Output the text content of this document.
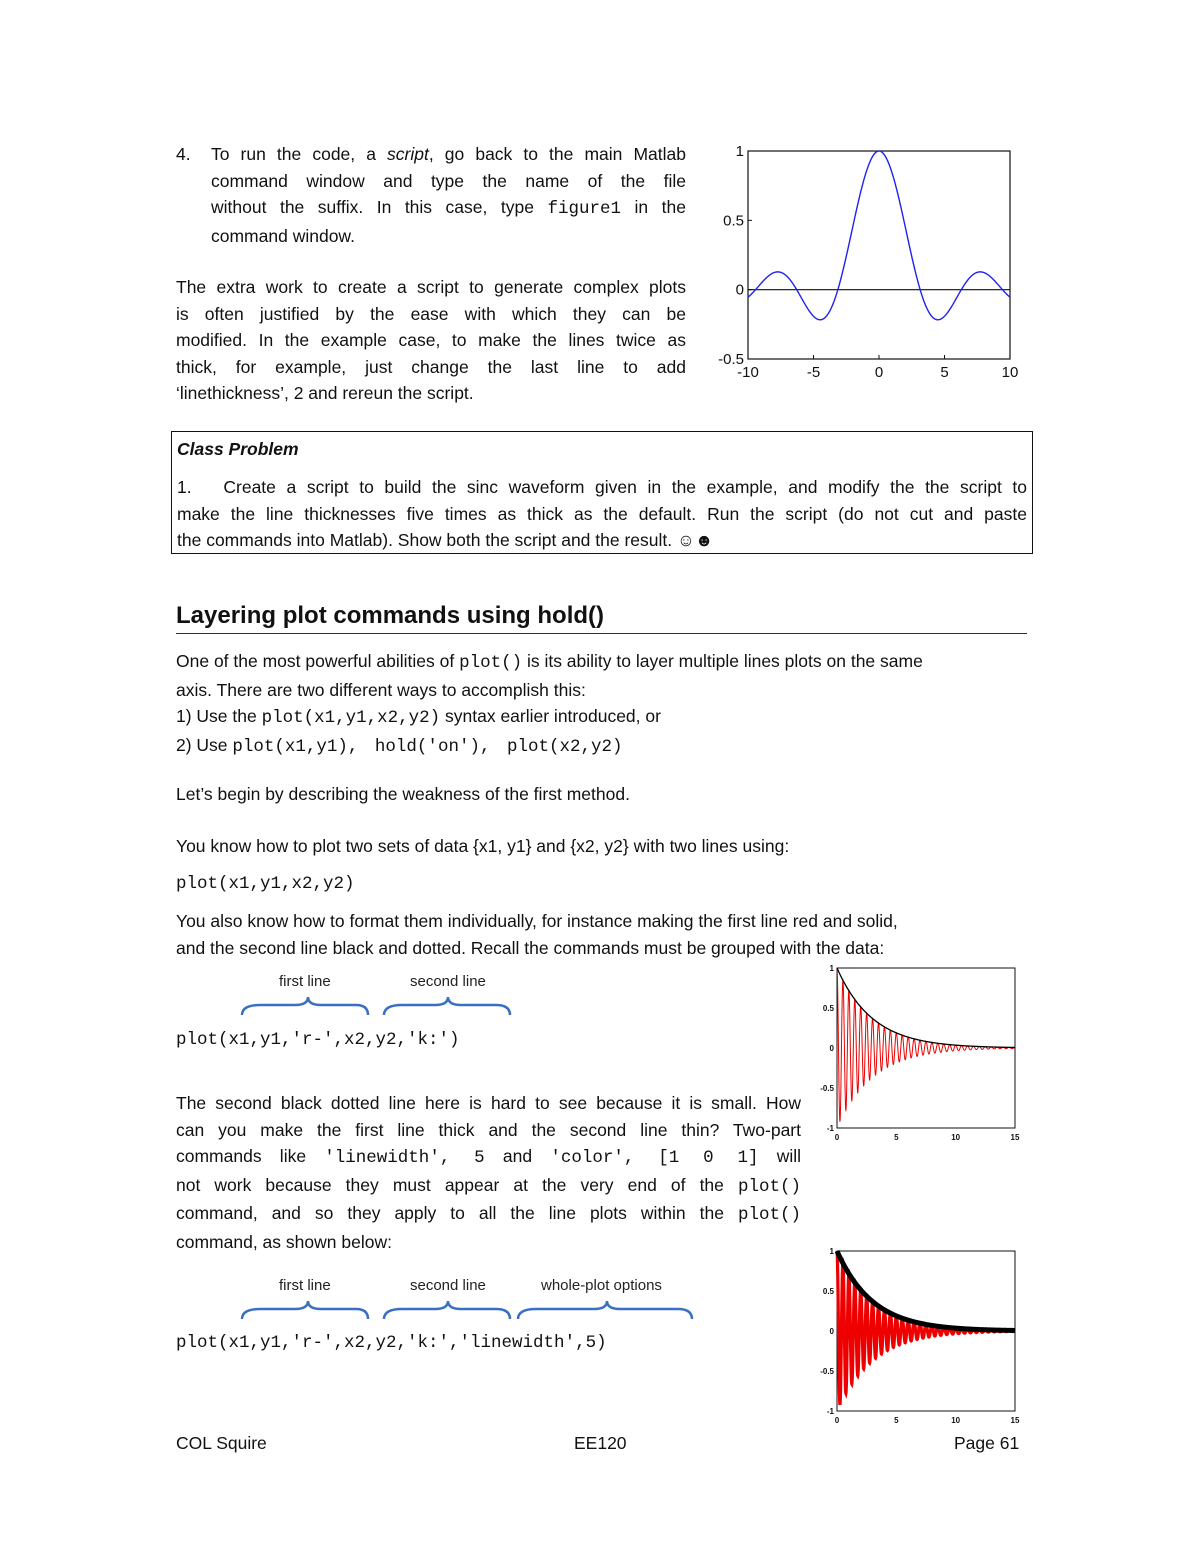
4. To run the code, a script, go back to the main Matlab
command window and type the name of the file
without the suffix. In this case, type figure1 in the
command window.
The extra work to create a script to generate complex plots
is often justified by the ease with which they can be
modified. In the example case, to make the lines twice as
thick, for example, just change the last line to add
‘linethickness’, 2 and rereun the script.
-10	-5	0	5	10
-0.5
0
0.5
1
Class Problem
1.   Create a script to build the sinc waveform given in the example, and modify the the script to
make the line thicknesses five times as thick as the default. Run the script (do not cut and paste
the commands into Matlab). Show both the script and the result. ☺☻
Layering plot commands using hold()
One of the most powerful abilities of plot() is its ability to layer multiple lines plots on the same
axis. There are two different ways to accomplish this:
1) Use the plot(x1,y1,x2,y2) syntax earlier introduced, or
2) Use plot(x1,y1), hold('on'), plot(x2,y2)
Let’s begin by describing the weakness of the first method.
You know how to plot two sets of data {x1, y1} and {x2, y2} with two lines using:
plot(x1,y1,x2,y2)
You also know how to format them individually, for instance making the first line red and solid,
and the second line black and dotted. Recall the commands must be grouped with the data:
first line	second line
plot(x1,y1,'r-',x2,y2,'k:')
0	5	10	15
-1
-0.5
0
0.5
1
The second black dotted line here is hard to see because it is small. How
can you make the first line thick and the second line thin? Two-part
commands like 'linewidth', 5 and 'color', [1 0 1] will
not work because they must appear at the very end of the plot()
command, and so they apply to all the line plots within the plot()
command, as shown below:
first line	second line	whole-plot options
plot(x1,y1,'r-',x2,y2,'k:','linewidth',5)
0	5	10	15
-1
-0.5
0
0.5
1
COL Squire	EE120	Page 61
